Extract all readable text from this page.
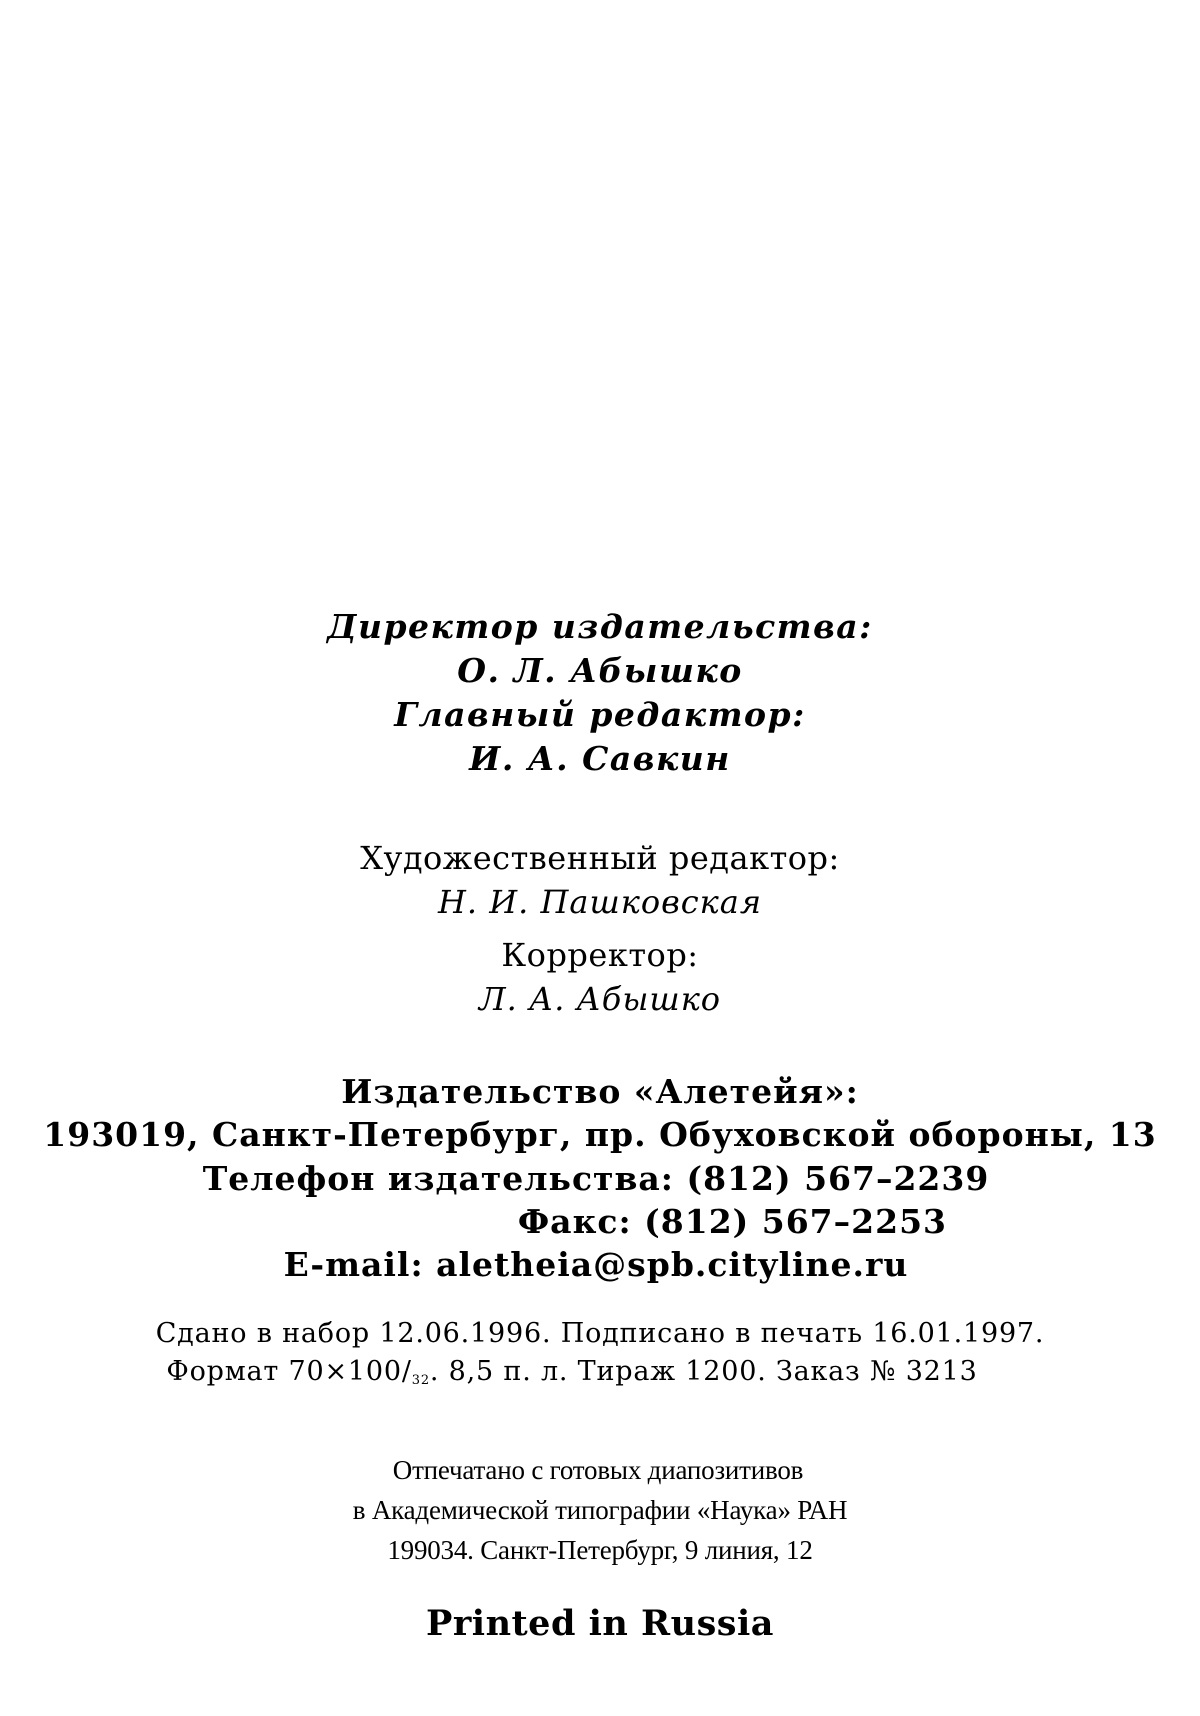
Директор издательства:
О. Л. Абышко
Главный редактор:
И. А. Савкин
Художественный редактор:
Н. И. Пашковская
Корректор:
Л. А. Абышко
Издательство «Алетейя»:
193019, Санкт-Петербург, пр. Обуховской обороны, 13
Телефон издательства: (812) 567–2239
Факс: (812) 567–2253
E-mail: aletheia@spb.cityline.ru
Сдано в набор 12.06.1996. Подписано в печать 16.01.1997.
Формат $70\times 100/_{32}$. 8,5 п. л. Тираж 1200. Заказ № 3213
Отпечатано с готовых диапозитивов
в Академической типографии «Наука» РАН
199034. Санкт-Петербург, 9 линия, 12
Printed in Russia
